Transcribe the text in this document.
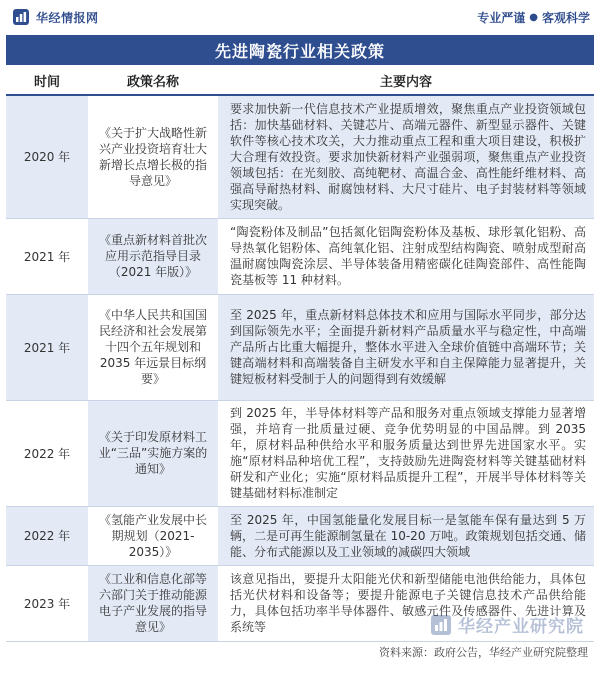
华经情报网	专业严谨 ● 客观科学
先进陶瓷行业相关政策
时间	政策名称	主要内容
2020 年	《关于扩大战略性新兴产业投资培育壮大新增长点增长极的指导意见》	要求加快新一代信息技术产业提质增效，聚焦重点产业投资领域包括：加快基础材料、关键芯片、高端元器件、新型显示器件、关键软件等核心技术攻关，大力推动重点工程和重大项目建设，积极扩大合理有效投资。要求加快新材料产业强弱项，聚焦重点产业投资领域包括：在光刻胶、高纯靶材、高温合金、高性能纤维材料、高强高导耐热材料、耐腐蚀材料、大尺寸硅片、电子封装材料等领域实现突破。
2021 年	《重点新材料首批次应用示范指导目录（2021 年版）》	“陶瓷粉体及制品”包括氮化铝陶瓷粉体及基板、球形氧化铝粉、高导热氧化铝粉体、高纯氧化铝、注射成型结构陶瓷、喷射成型耐高温耐腐蚀陶瓷涂层、半导体装备用精密碳化硅陶瓷部件、高性能陶瓷基板等 11 种材料。
2021 年	《中华人民共和国国民经济和社会发展第十四个五年规划和 2035 年远景目标纲要》	至 2025 年，重点新材料总体技术和应用与国际水平同步，部分达到国际领先水平；全面提升新材料产品质量水平与稳定性，中高端产品所占比重大幅提升，整体水平进入全球价值链中高端环节；关键高端材料和高端装备自主研发水平和自主保障能力显著提升，关键短板材料受制于人的问题得到有效缓解
2022 年	《关于印发原材料工业“三品”实施方案的通知》	到 2025 年，半导体材料等产品和服务对重点领域支撑能力显著增强，并培育一批质量过硬、竞争优势明显的中国品牌。到 2035 年，原材料品种供给水平和服务质量达到世界先进国家水平。实施“原材料品种培优工程”，支持鼓励先进陶瓷材料等关键基础材料研发和产业化；实施“原材料品质提升工程”，开展半导体材料等关键基础材料标准制定
2022 年	《氢能产业发展中长期规划（2021-2035）》	至 2025 年，中国氢能量化发展目标一是氢能车保有量达到 5 万辆，二是可再生能源制氢量在 10-20 万吨。政策规划包括交通、储能、分布式能源以及工业领域的减碳四大领域
2023 年	《工业和信息化部等六部门关于推动能源电子产业发展的指导意见》	该意见指出，要提升太阳能光伏和新型储能电池供给能力，具体包括光伏材料和设备等；要提升能源电子关键信息技术产品供给能力，具体包括功率半导体器件、敏感元件及传感器件、先进计算及系统等	华经产业研究院
资料来源：政府公告，华经产业研究院整理
